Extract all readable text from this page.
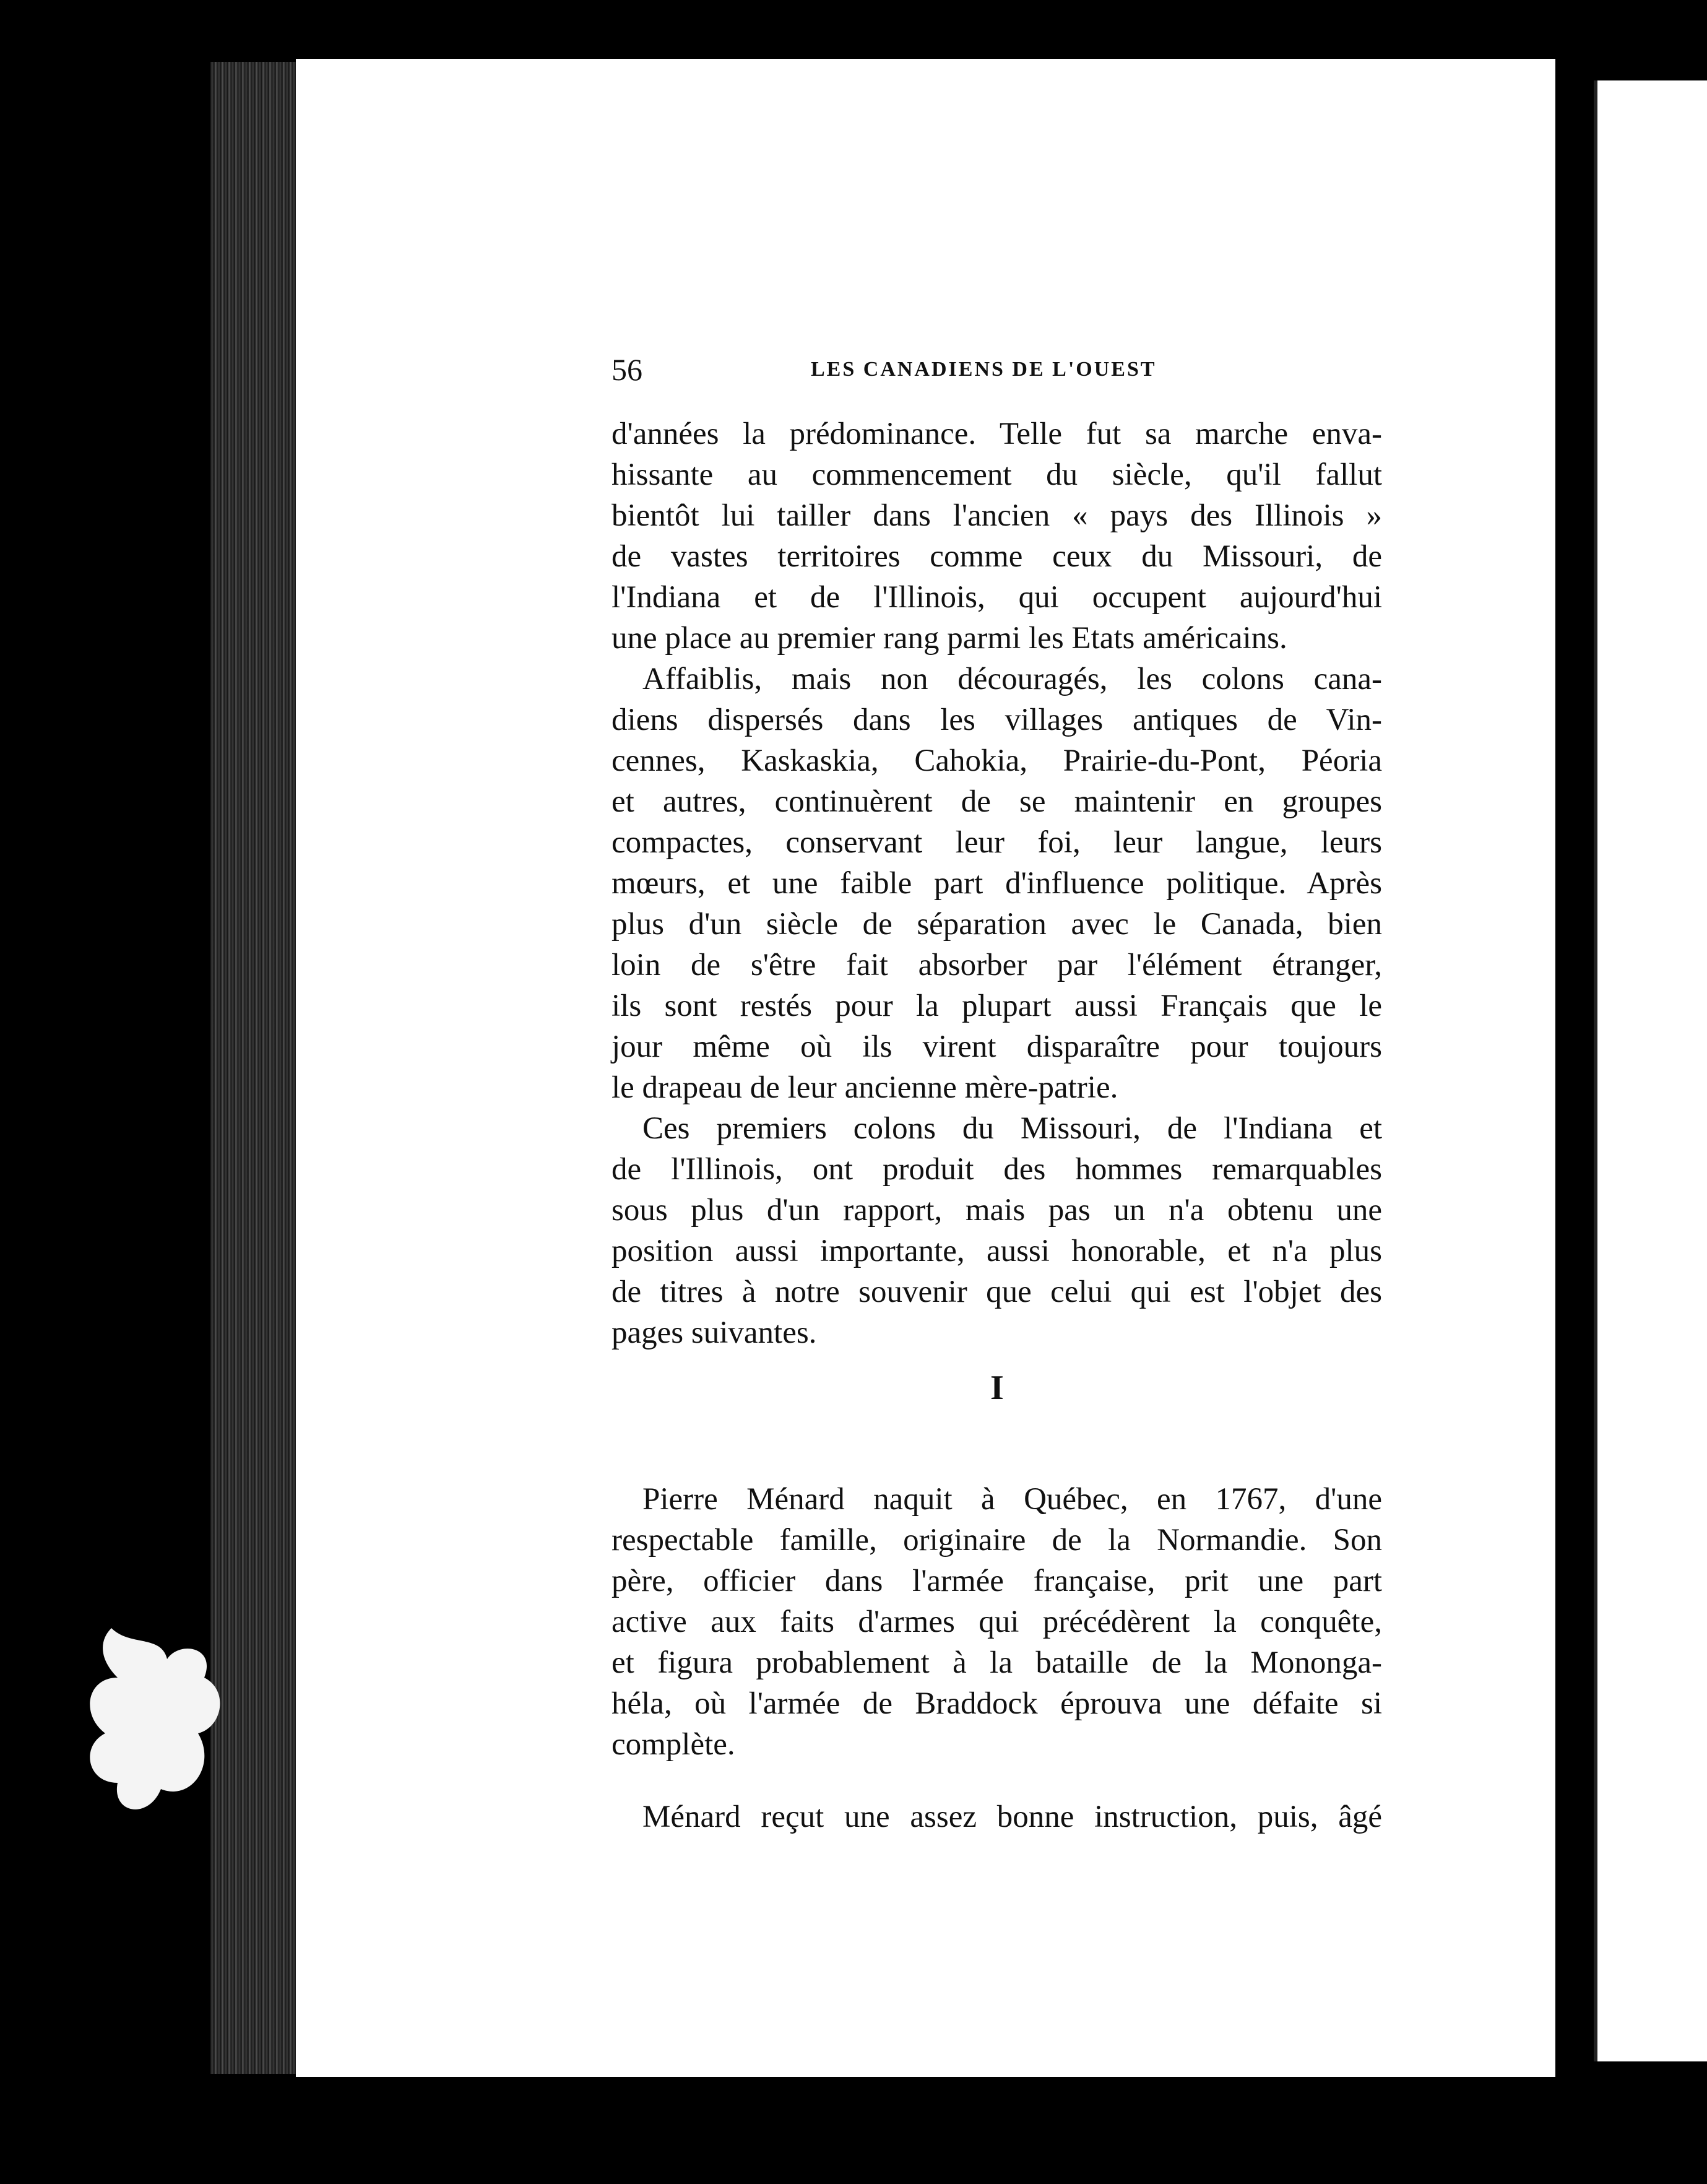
56	LES CANADIENS DE L'OUEST

d'années la prédominance. Telle fut sa marche enva-
hissante au commencement du siècle, qu'il fallut
bientôt lui tailler dans l'ancien « pays des Illinois »
de vastes territoires comme ceux du Missouri, de
l'Indiana et de l'Illinois, qui occupent aujourd'hui
une place au premier rang parmi les Etats américains.

Affaiblis, mais non découragés, les colons cana-
diens dispersés dans les villages antiques de Vin-
cennes, Kaskaskia, Cahokia, Prairie-du-Pont, Péoria
et autres, continuèrent de se maintenir en groupes
compactes, conservant leur foi, leur langue, leurs
mœurs, et une faible part d'influence politique. Après
plus d'un siècle de séparation avec le Canada, bien
loin de s'être fait absorber par l'élément étranger,
ils sont restés pour la plupart aussi Français que le
jour même où ils virent disparaître pour toujours
le drapeau de leur ancienne mère-patrie.

Ces premiers colons du Missouri, de l'Indiana et
de l'Illinois, ont produit des hommes remarquables
sous plus d'un rapport, mais pas un n'a obtenu une
position aussi importante, aussi honorable, et n'a plus
de titres à notre souvenir que celui qui est l'objet des
pages suivantes.

I

Pierre Ménard naquit à Québec, en 1767, d'une
respectable famille, originaire de la Normandie. Son
père, officier dans l'armée française, prit une part
active aux faits d'armes qui précédèrent la conquête,
et figura probablement à la bataille de la Mononga-
héla, où l'armée de Braddock éprouva une défaite si
complète.

Ménard reçut une assez bonne instruction, puis, âgé
